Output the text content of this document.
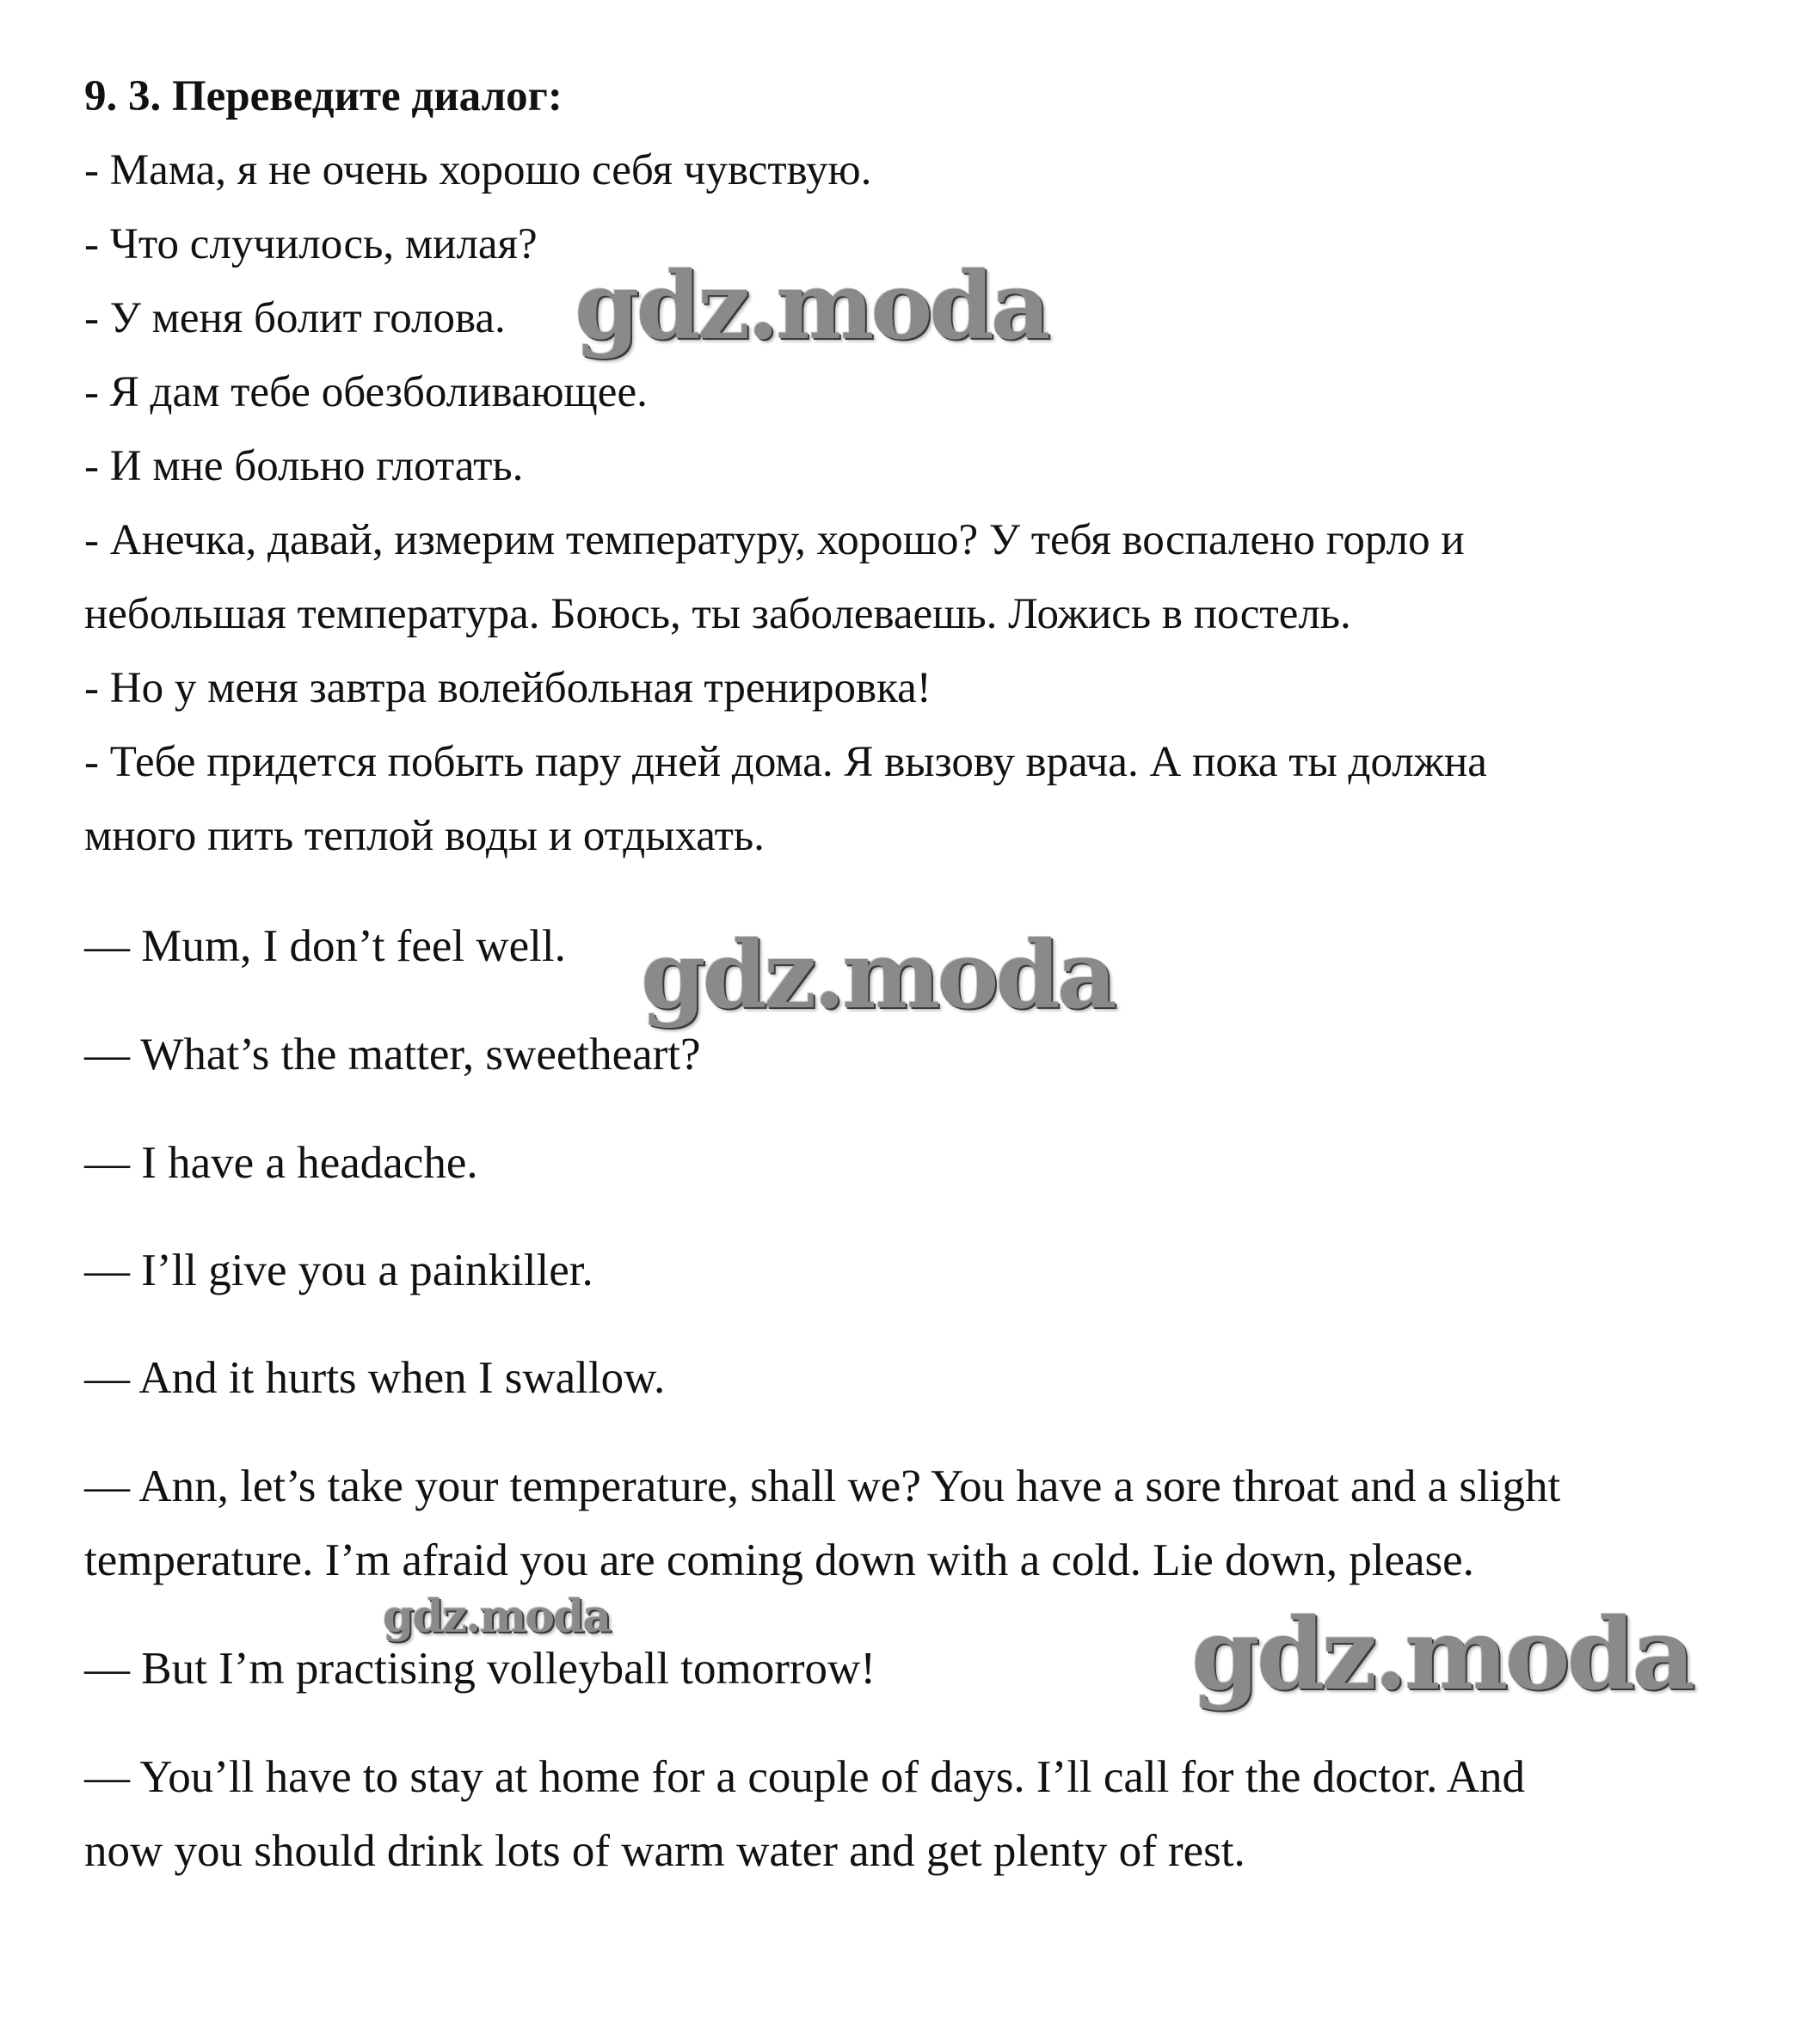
9. 3. Переведите диалог:
- Мама, я не очень хорошо себя чувствую.
- Что случилось, милая?
- У меня болит голова.
- Я дам тебе обезболивающее.
- И мне больно глотать.
- Анечка, давай, измерим температуру, хорошо? У тебя воспалено горло и
небольшая температура. Боюсь, ты заболеваешь. Ложись в постель.
- Но у меня завтра волейбольная тренировка!
- Тебе придется побыть пару дней дома. Я вызову врача. А пока ты должна
много пить теплой воды и отдыхать.
— Mum, I don’t feel well.
— What’s the matter, sweetheart?
— I have a headache.
— I’ll give you a painkiller.
— And it hurts when I swallow.
— Ann, let’s take your temperature, shall we? You have a sore throat and a slight
temperature. I’m afraid you are coming down with a cold. Lie down, please.
— But I’m practising volleyball tomorrow!
— You’ll have to stay at home for a couple of days. I’ll call for the doctor. And
now you should drink lots of warm water and get plenty of rest.
gdz.moda
gdz.moda
gdz.moda	gdz.moda
